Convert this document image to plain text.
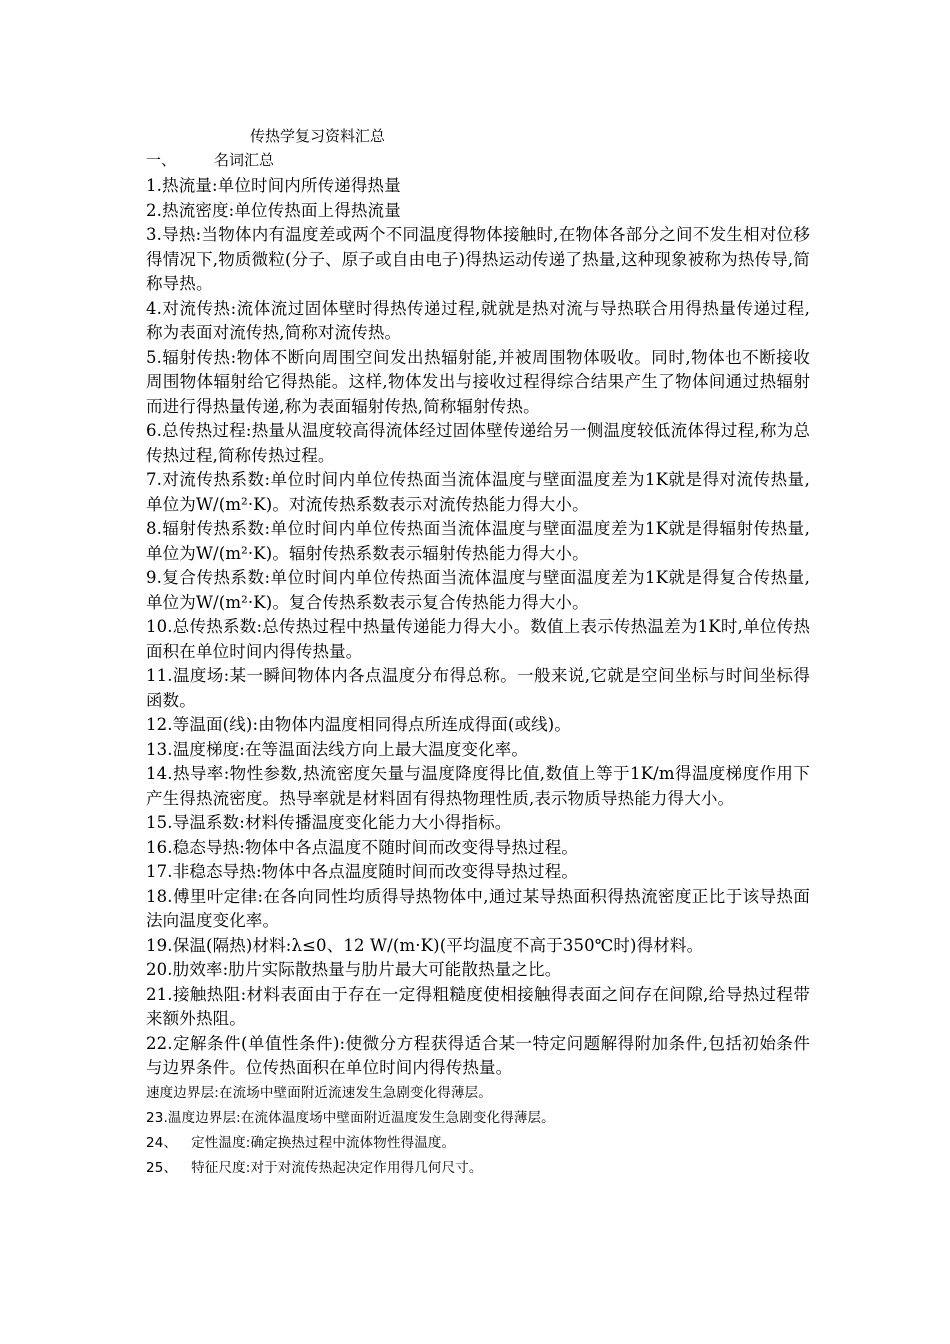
传热学复习资料汇总
一、	名词汇总

1.热流量:单位时间内所传递得热量

2.热流密度:单位传热面上得热流量

3.导热:当物体内有温度差或两个不同温度得物体接触时,在物体各部分之间不发生相对位移得情况下,物质微粒(分子、原子或自由电子)得热运动传递了热量,这种现象被称为热传导,简称导热。

4.对流传热:流体流过固体壁时得热传递过程,就就是热对流与导热联合用得热量传递过程,称为表面对流传热,简称对流传热。

5.辐射传热:物体不断向周围空间发出热辐射能,并被周围物体吸收。同时,物体也不断接收周围物体辐射给它得热能。这样,物体发出与接收过程得综合结果产生了物体间通过热辐射而进行得热量传递,称为表面辐射传热,简称辐射传热。

6.总传热过程:热量从温度较高得流体经过固体壁传递给另一侧温度较低流体得过程,称为总传热过程,简称传热过程。

7.对流传热系数:单位时间内单位传热面当流体温度与壁面温度差为1K就是得对流传热量,单位为W/(m²·K)。对流传热系数表示对流传热能力得大小。

8.辐射传热系数:单位时间内单位传热面当流体温度与壁面温度差为1K就是得辐射传热量,单位为W/(m²·K)。辐射传热系数表示辐射传热能力得大小。

9.复合传热系数:单位时间内单位传热面当流体温度与壁面温度差为1K就是得复合传热量,单位为W/(m²·K)。复合传热系数表示复合传热能力得大小。

10.总传热系数:总传热过程中热量传递能力得大小。数值上表示传热温差为1K时,单位传热面积在单位时间内得传热量。

11.温度场:某一瞬间物体内各点温度分布得总称。一般来说,它就是空间坐标与时间坐标得函数。

12.等温面(线):由物体内温度相同得点所连成得面(或线)。

13.温度梯度:在等温面法线方向上最大温度变化率。

14.热导率:物性参数,热流密度矢量与温度降度得比值,数值上等于1K/m得温度梯度作用下产生得热流密度。热导率就是材料固有得热物理性质,表示物质导热能力得大小。

15.导温系数:材料传播温度变化能力大小得指标。

16.稳态导热:物体中各点温度不随时间而改变得导热过程。

17.非稳态导热:物体中各点温度随时间而改变得导热过程。

18.傅里叶定律:在各向同性均质得导热物体中,通过某导热面积得热流密度正比于该导热面法向温度变化率。

19.保温(隔热)材料:λ≤0、12 W/(m·K)(平均温度不高于350℃时)得材料。

20.肋效率:肋片实际散热量与肋片最大可能散热量之比。

21.接触热阻:材料表面由于存在一定得粗糙度使相接触得表面之间存在间隙,给导热过程带来额外热阻。

22.定解条件(单值性条件):使微分方程获得适合某一特定问题解得附加条件,包括初始条件与边界条件。位传热面积在单位时间内得传热量。

速度边界层:在流场中壁面附近流速发生急剧变化得薄层。

23.温度边界层:在流体温度场中壁面附近温度发生急剧变化得薄层。

24、 定性温度:确定换热过程中流体物性得温度。

25、 特征尺度:对于对流传热起决定作用得几何尺寸。
